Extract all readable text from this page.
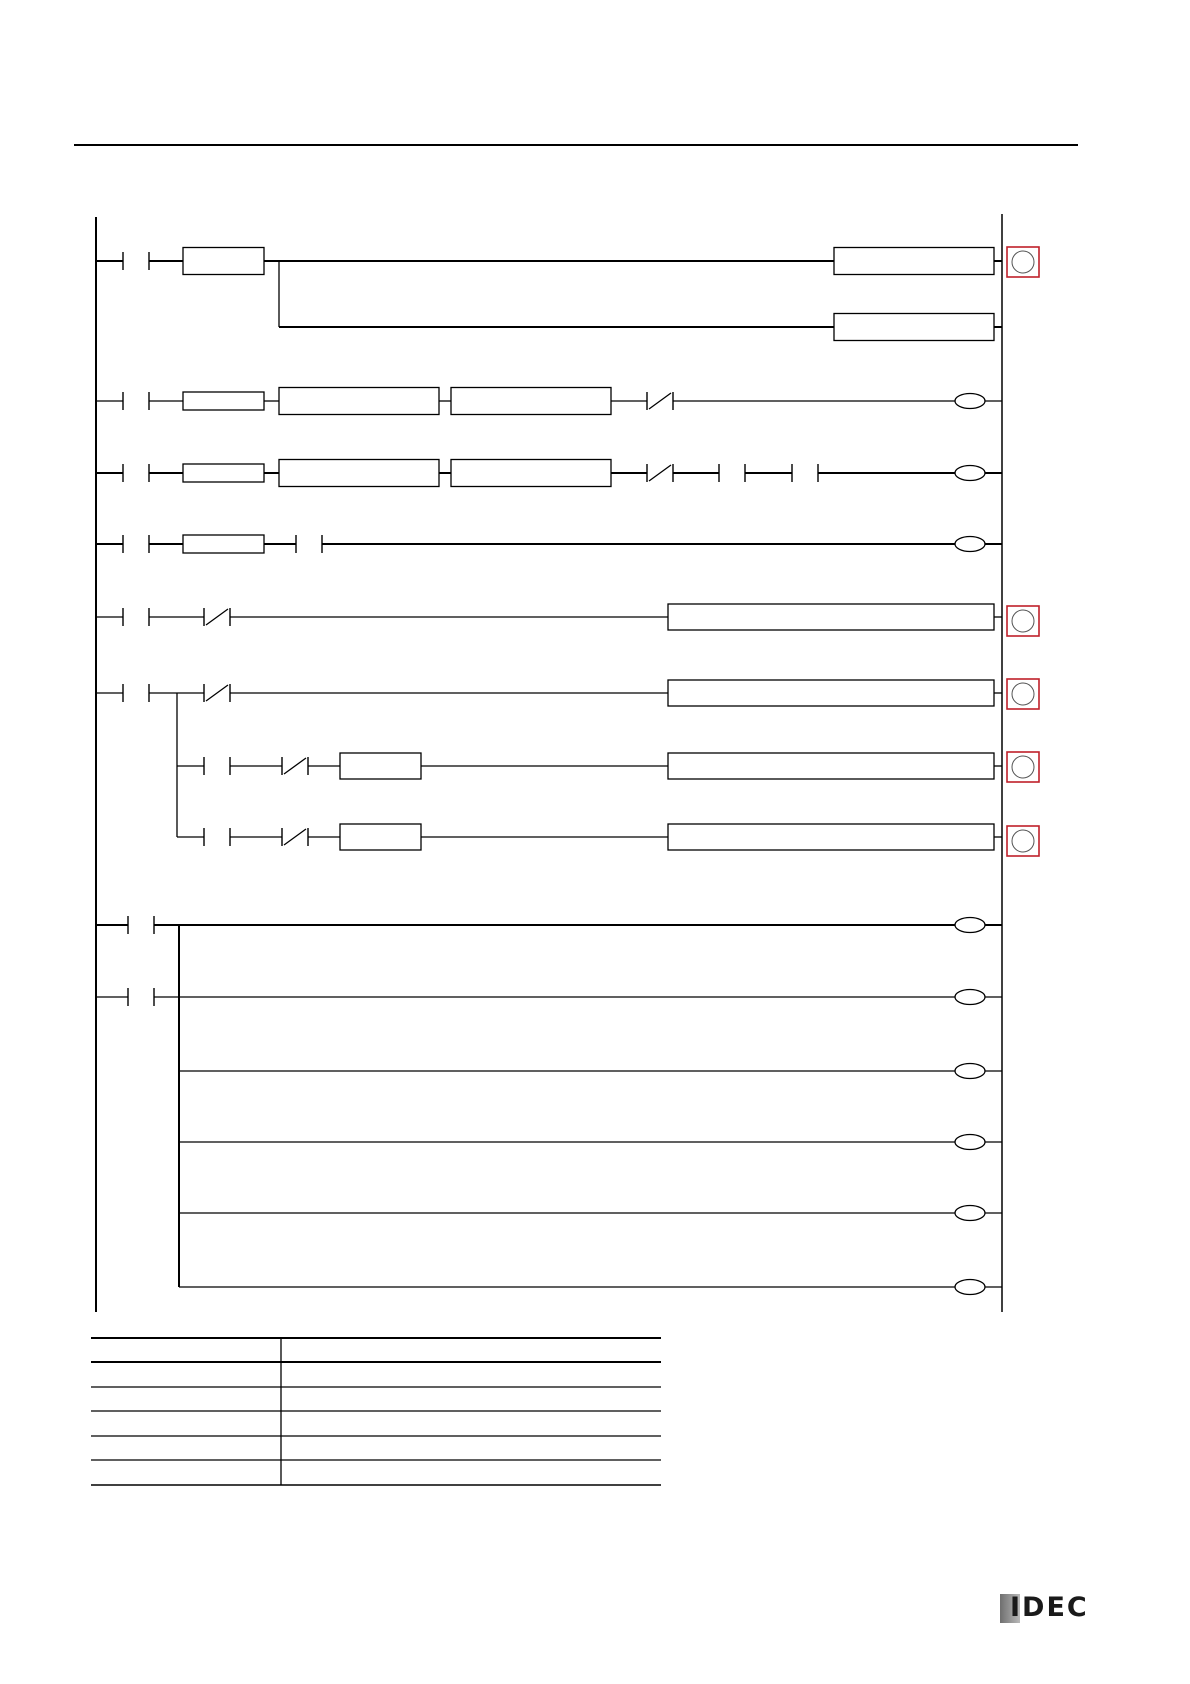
IDEC
